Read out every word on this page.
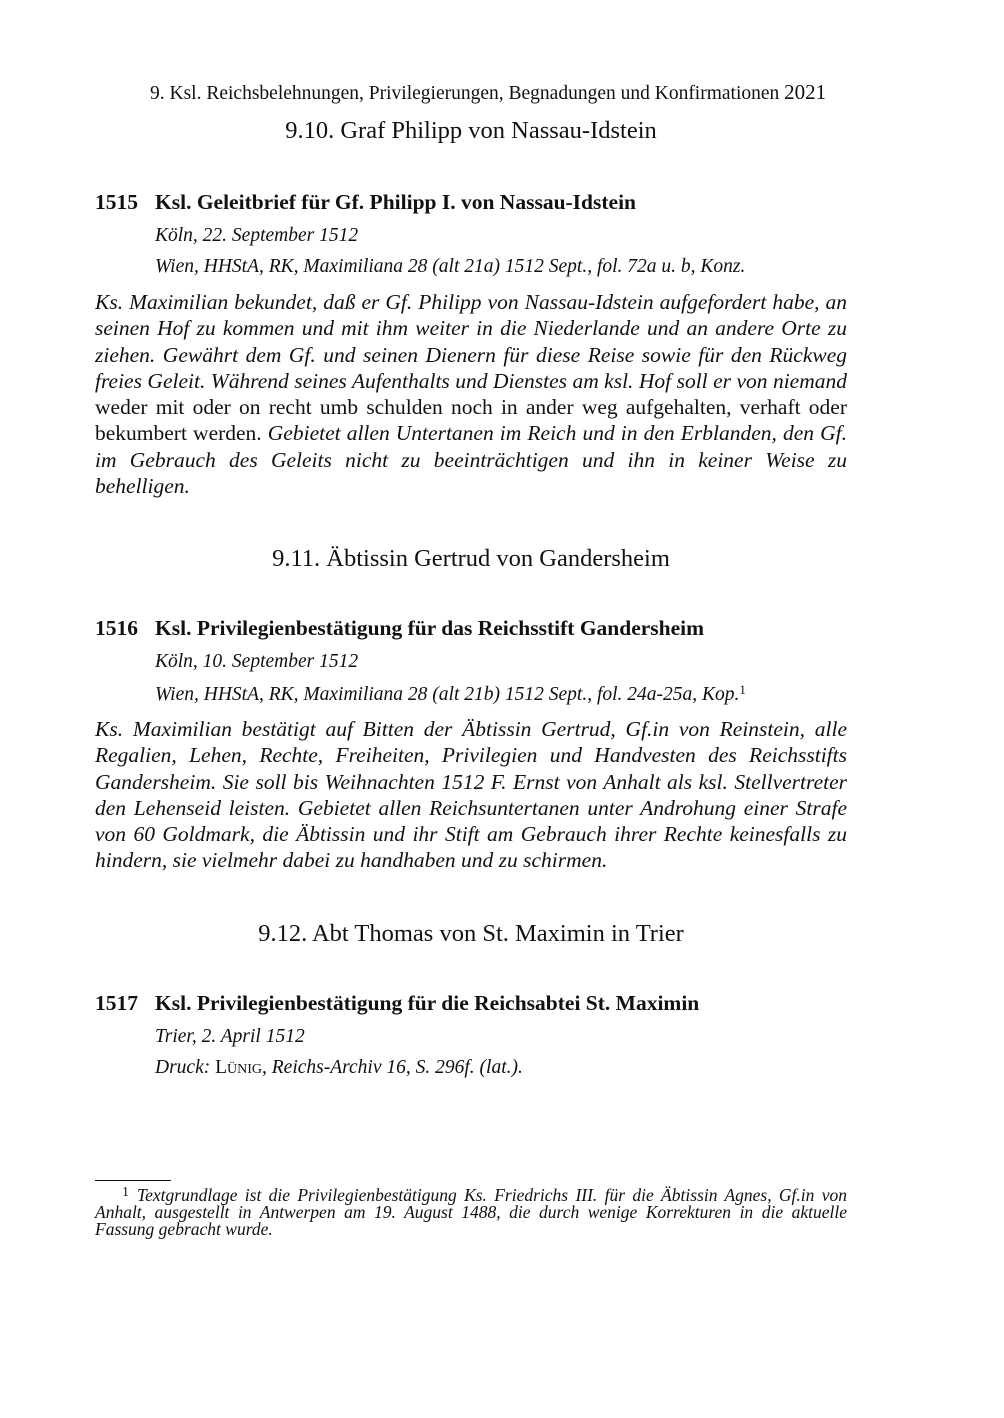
9. Ksl. Reichsbelehnungen, Privilegierungen, Begnadungen und Konfirmationen 2021
9.10. Graf Philipp von Nassau-Idstein
1515 Ksl. Geleitbrief für Gf. Philipp I. von Nassau-Idstein
Köln, 22. September 1512
Wien, HHStA, RK, Maximiliana 28 (alt 21a) 1512 Sept., fol. 72a u. b, Konz.
Ks. Maximilian bekundet, daß er Gf. Philipp von Nassau-Idstein aufgefordert habe, an seinen Hof zu kommen und mit ihm weiter in die Niederlande und an andere Orte zu ziehen. Gewährt dem Gf. und seinen Dienern für diese Reise sowie für den Rückweg freies Geleit. Während seines Aufenthalts und Dienstes am ksl. Hof soll er von niemand weder mit oder on recht umb schulden noch in ander weg aufgehalten, verhaft oder bekumbert werden. Gebietet allen Untertanen im Reich und in den Erblanden, den Gf. im Gebrauch des Geleits nicht zu beeinträchtigen und ihn in keiner Weise zu behelligen.
9.11. Äbtissin Gertrud von Gandersheim
1516 Ksl. Privilegienbestätigung für das Reichsstift Gandersheim
Köln, 10. September 1512
Wien, HHStA, RK, Maximiliana 28 (alt 21b) 1512 Sept., fol. 24a-25a, Kop.$^1$
Ks. Maximilian bestätigt auf Bitten der Äbtissin Gertrud, Gf.in von Reinstein, alle Regalien, Lehen, Rechte, Freiheiten, Privilegien und Handvesten des Reichsstifts Gandersheim. Sie soll bis Weihnachten 1512 F. Ernst von Anhalt als ksl. Stellvertreter den Lehenseid leisten. Gebietet allen Reichsuntertanen unter Androhung einer Strafe von 60 Goldmark, die Äbtissin und ihr Stift am Gebrauch ihrer Rechte keinesfalls zu hindern, sie vielmehr dabei zu handhaben und zu schirmen.
9.12. Abt Thomas von St. Maximin in Trier
1517 Ksl. Privilegienbestätigung für die Reichsabtei St. Maximin
Trier, 2. April 1512
Druck: Lünig, Reichs-Archiv 16, S. 296f. (lat.).
$^1$ Textgrundlage ist die Privilegienbestätigung Ks. Friedrichs III. für die Äbtissin Agnes, Gf.in von Anhalt, ausgestellt in Antwerpen am 19. August 1488, die durch wenige Korrekturen in die aktuelle Fassung gebracht wurde.
